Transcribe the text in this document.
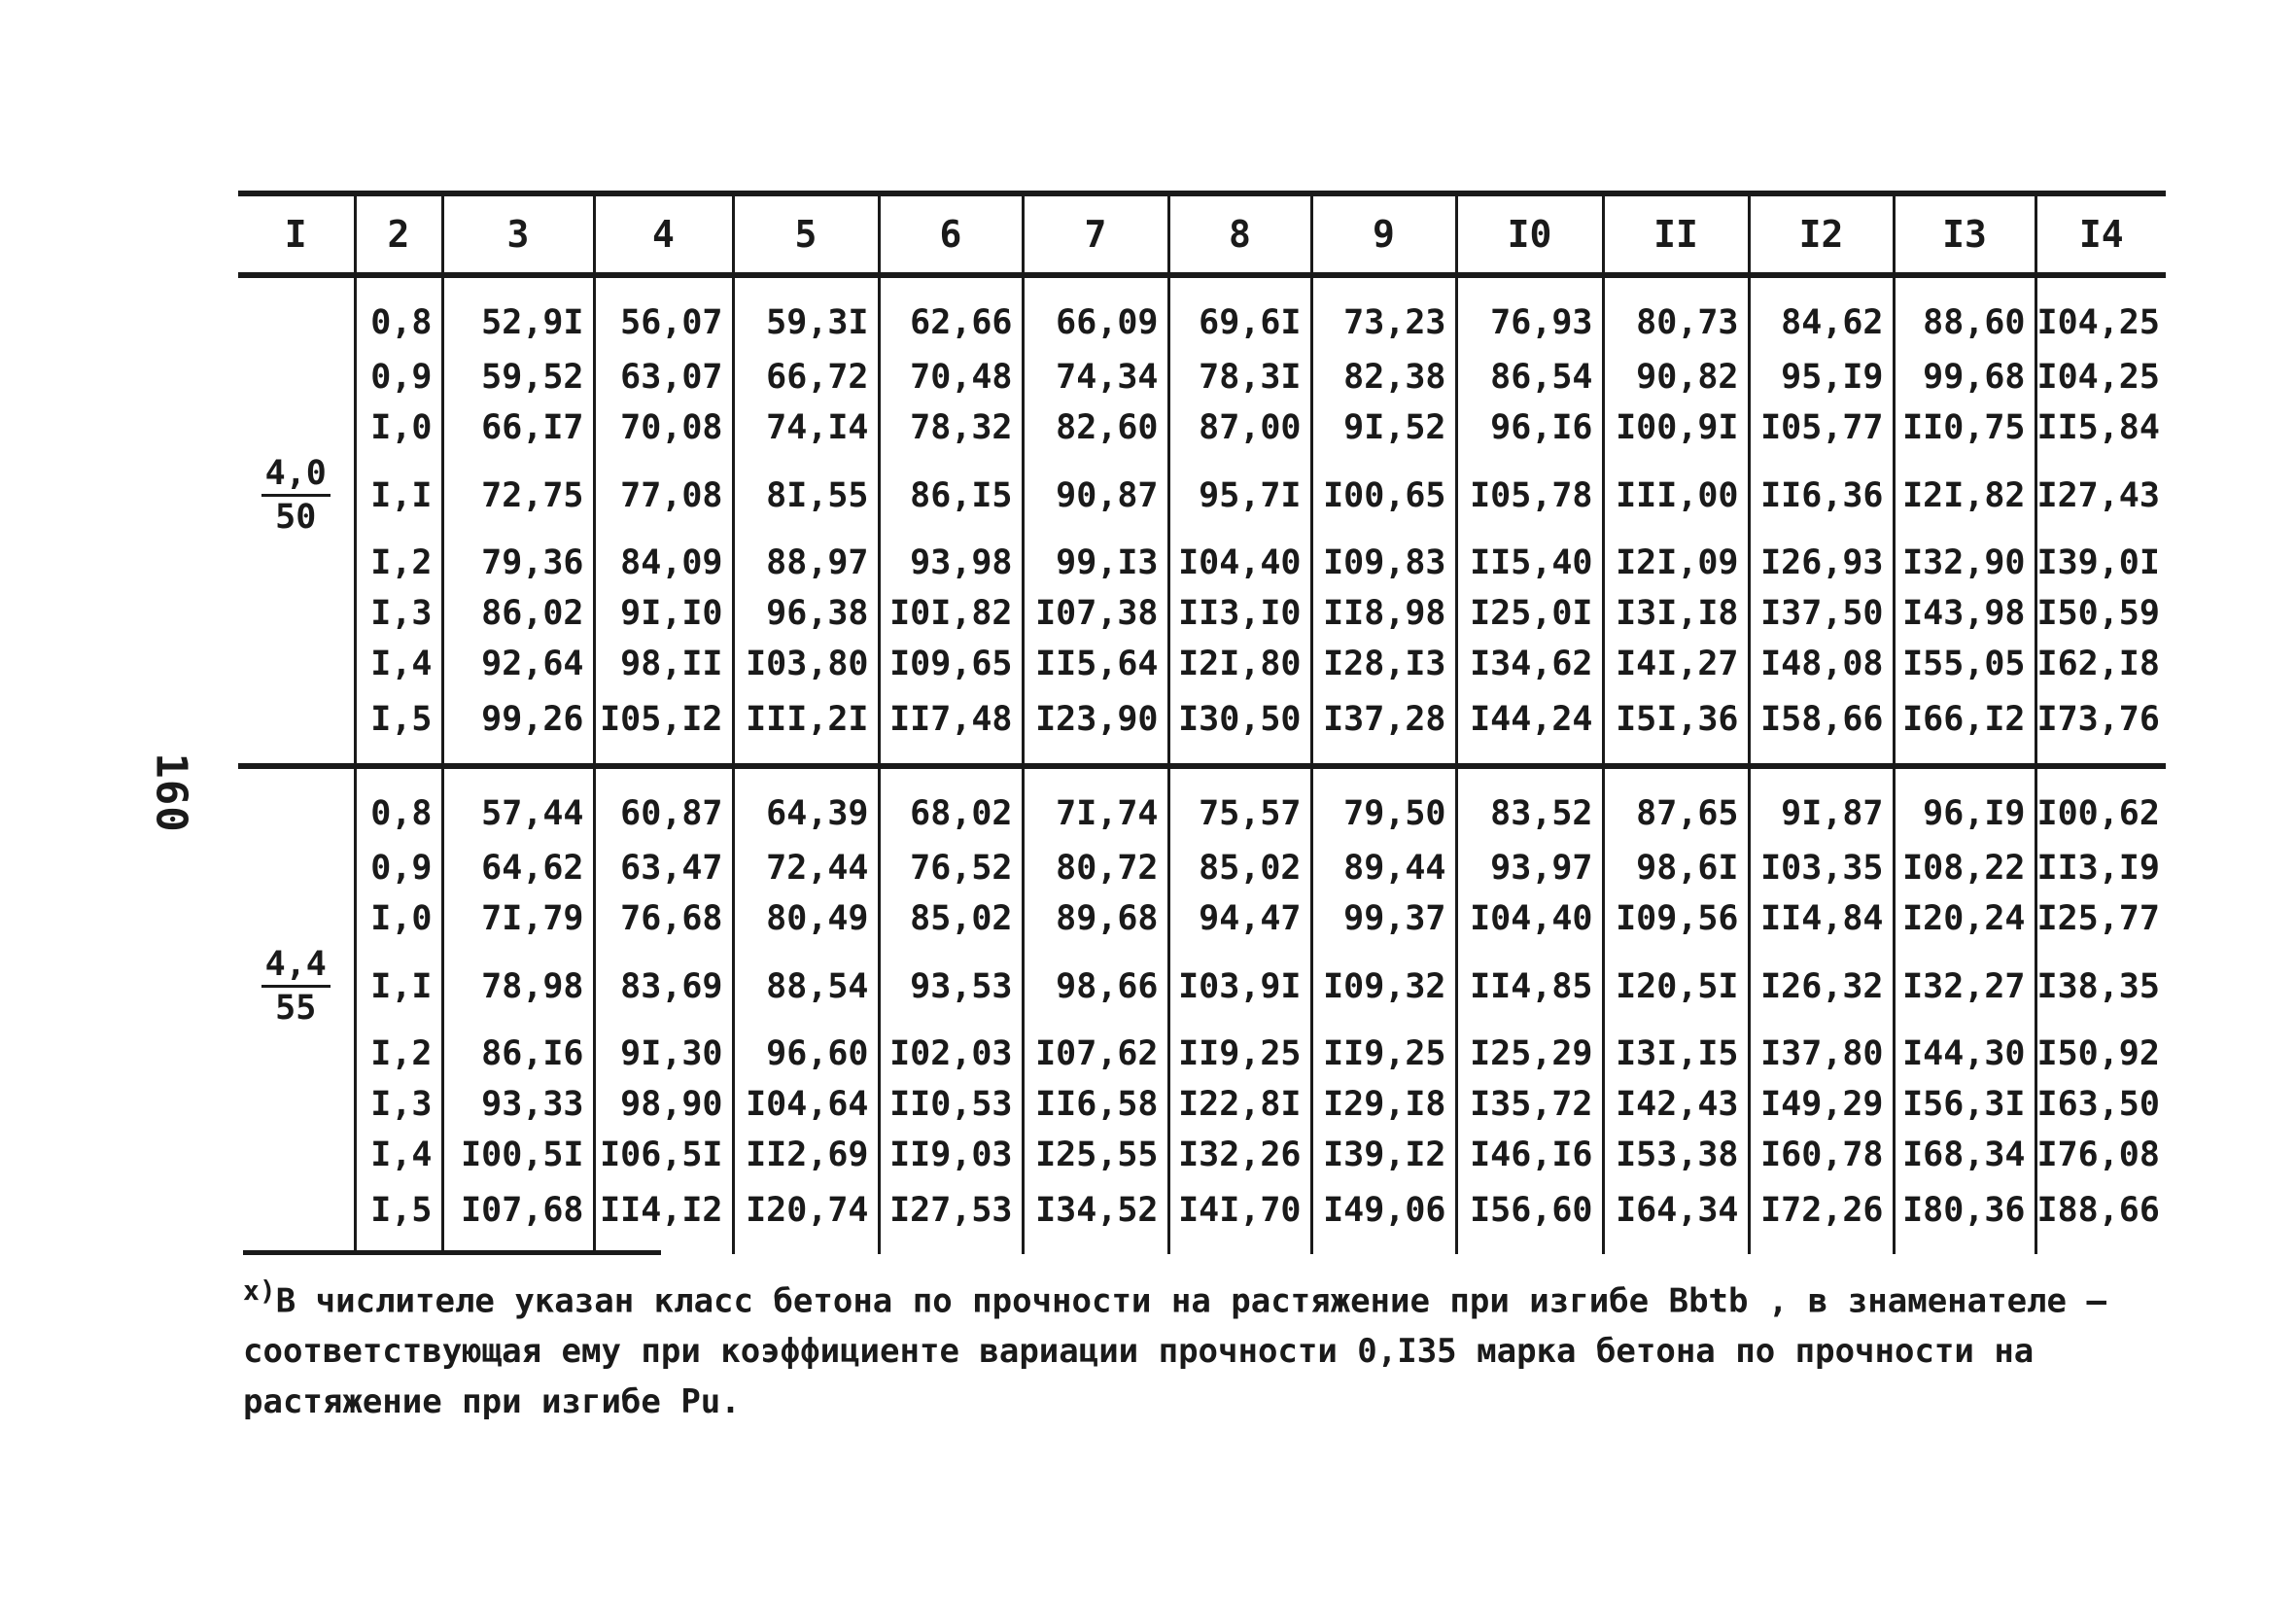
160
I	2	3	4	5	6	7	8	9	I0	II	I2	I3	I4
	0,8	52,9I	56,07	59,3I	62,66	66,09	69,6I	73,23	76,93	80,73	84,62	88,60	I04,25
	0,9	59,52	63,07	66,72	70,48	74,34	78,3I	82,38	86,54	90,82	95,I9	99,68	I04,25
	I,0	66,I7	70,08	74,I4	78,32	82,60	87,00	9I,52	96,I6	I00,9I	I05,77	II0,75	II5,84

$\frac{4,0}{50}$	I,I	72,75	77,08	8I,55	86,I5	90,87	95,7I	I00,65	I05,78	III,00	II6,36	I2I,82	I27,43
	I,2	79,36	84,09	88,97	93,98	99,I3	I04,40	I09,83	II5,40	I2I,09	I26,93	I32,90	I39,0I
	I,3	86,02	9I,I0	96,38	I0I,82	I07,38	II3,I0	II8,98	I25,0I	I3I,I8	I37,50	I43,98	I50,59
	I,4	92,64	98,II	I03,80	I09,65	II5,64	I2I,80	I28,I3	I34,62	I4I,27	I48,08	I55,05	I62,I8
	I,5	99,26	I05,I2	III,2I	II7,48	I23,90	I30,50	I37,28	I44,24	I5I,36	I58,66	I66,I2	I73,76
	0,8	57,44	60,87	64,39	68,02	7I,74	75,57	79,50	83,52	87,65	9I,87	96,I9	I00,62
	0,9	64,62	63,47	72,44	76,52	80,72	85,02	89,44	93,97	98,6I	I03,35	I08,22	II3,I9
	I,0	7I,79	76,68	80,49	85,02	89,68	94,47	99,37	I04,40	I09,56	II4,84	I20,24	I25,77

$\frac{4,4}{55}$	I,I	78,98	83,69	88,54	93,53	98,66	I03,9I	I09,32	II4,85	I20,5I	I26,32	I32,27	I38,35
	I,2	86,I6	9I,30	96,60	I02,03	I07,62	II9,25	II9,25	I25,29	I3I,I5	I37,80	I44,30	I50,92
	I,3	93,33	98,90	I04,64	II0,53	II6,58	I22,8I	I29,I8	I35,72	I42,43	I49,29	I56,3I	I63,50
	I,4	I00,5I	I06,5I	II2,69	II9,03	I25,55	I32,26	I39,I2	I46,I6	I53,38	I60,78	I68,34	I76,08
	I,5	I07,68	II4,I2	I20,74	I27,53	I34,52	I4I,70	I49,06	I56,60	I64,34	I72,26	I80,36	I88,66
$^{x)}$В числителе указан класс бетона по прочности на растяжение при изгибе Bbtb , в знаменателе – соответствующая ему при коэффициенте вариации прочности 0,I35 марка бетона по прочности на растяжение при изгибе Pu.
